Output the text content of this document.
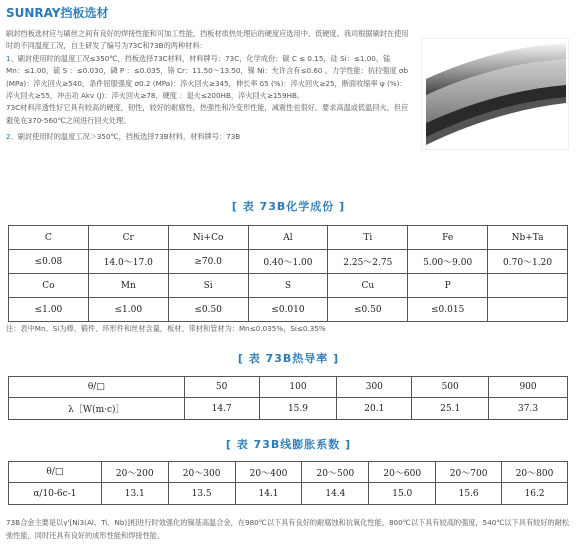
SUNRAY挡板选材

刷封挡板选材应与刷丝之间有良好的焊接性能和可加工性能，挡板材质热处理后的硬度应选用中、低硬度。我司根据刷封在使用时的不同温度工况，自主研发了编号为73C和73B的两种材料：

1、刷封使用时的温度工况≤350℃，挡板选择73C材料，材料牌号：73C，化学成份：碳 C ≤ 0.15，硅 Si：≤1.00，锰 Mn：≤1.00，硫 S ：≤0.030，磷 P ：≤0.035，铬 Cr：11.50～13.50，镍 Ni：允许含有≤0.60 ，力学性能：抗拉强度 σb (MPa)：淬火回火≥540，条件屈服强度 σ0.2 (MPa)：淬火回火≥345，伸长率 δ5 (%)：淬火回火≥25，断面收缩率 ψ (%)：淬火回火≥55，冲击功 Akv (J)：淬火回火≥78，硬度 ：退火≤200HB，淬火回火≥159HB。

73C材料淬透性好它具有较高的硬度，韧性，较好的耐腐性，热强性和冷变形性能，减震性也很好。要求高温或低温回火，但应避免在370-560℃之间进行回火处理。

2、刷封使用时的温度工况＞350℃，挡板选择73B材料，材料牌号：73B

[ 表 73B化学成份 ]
C	Cr	Ni+Co	Al	Ti	Fe	Nb+Ta
≤0.08	14.0～17.0	≥70.0	0.40～1.00	2.25～2.75	5.00～9.00	0.70～1.20
Co	Mn	Si	S	Cu	P	
≤1.00	≤1.00	≤0.50	≤0.010	≤0.50	≤0.015	
注：表中Mn、Si为棒、锻件、环形件和丝材含量，板材、带材和管材为：Mn≤0.035%，Si≤0.35%
[ 表 73B热导率 ]
θ/□	50	100	300	500	900
λ［W(m·c)］	14.7	15.9	20.1	25.1	37.3
[ 表 73B线膨胀系数 ]
θ/□	20～200	20～300	20～400	20～500	20～600	20～700	20～800
α/10-6c-1	13.1	13.5	14.1	14.4	15.0	15.6	16.2
73B合金主要是以γ'[Ni3(Al、Ti、Nb)]相进行时效强化的镍基高温合金，在980℃以下具有良好的耐腐蚀和抗氧化性能，800℃以下具有较高的强度，540℃以下具有较好的耐松弛性能，同时还具有良好的成形性能和焊接性能。
